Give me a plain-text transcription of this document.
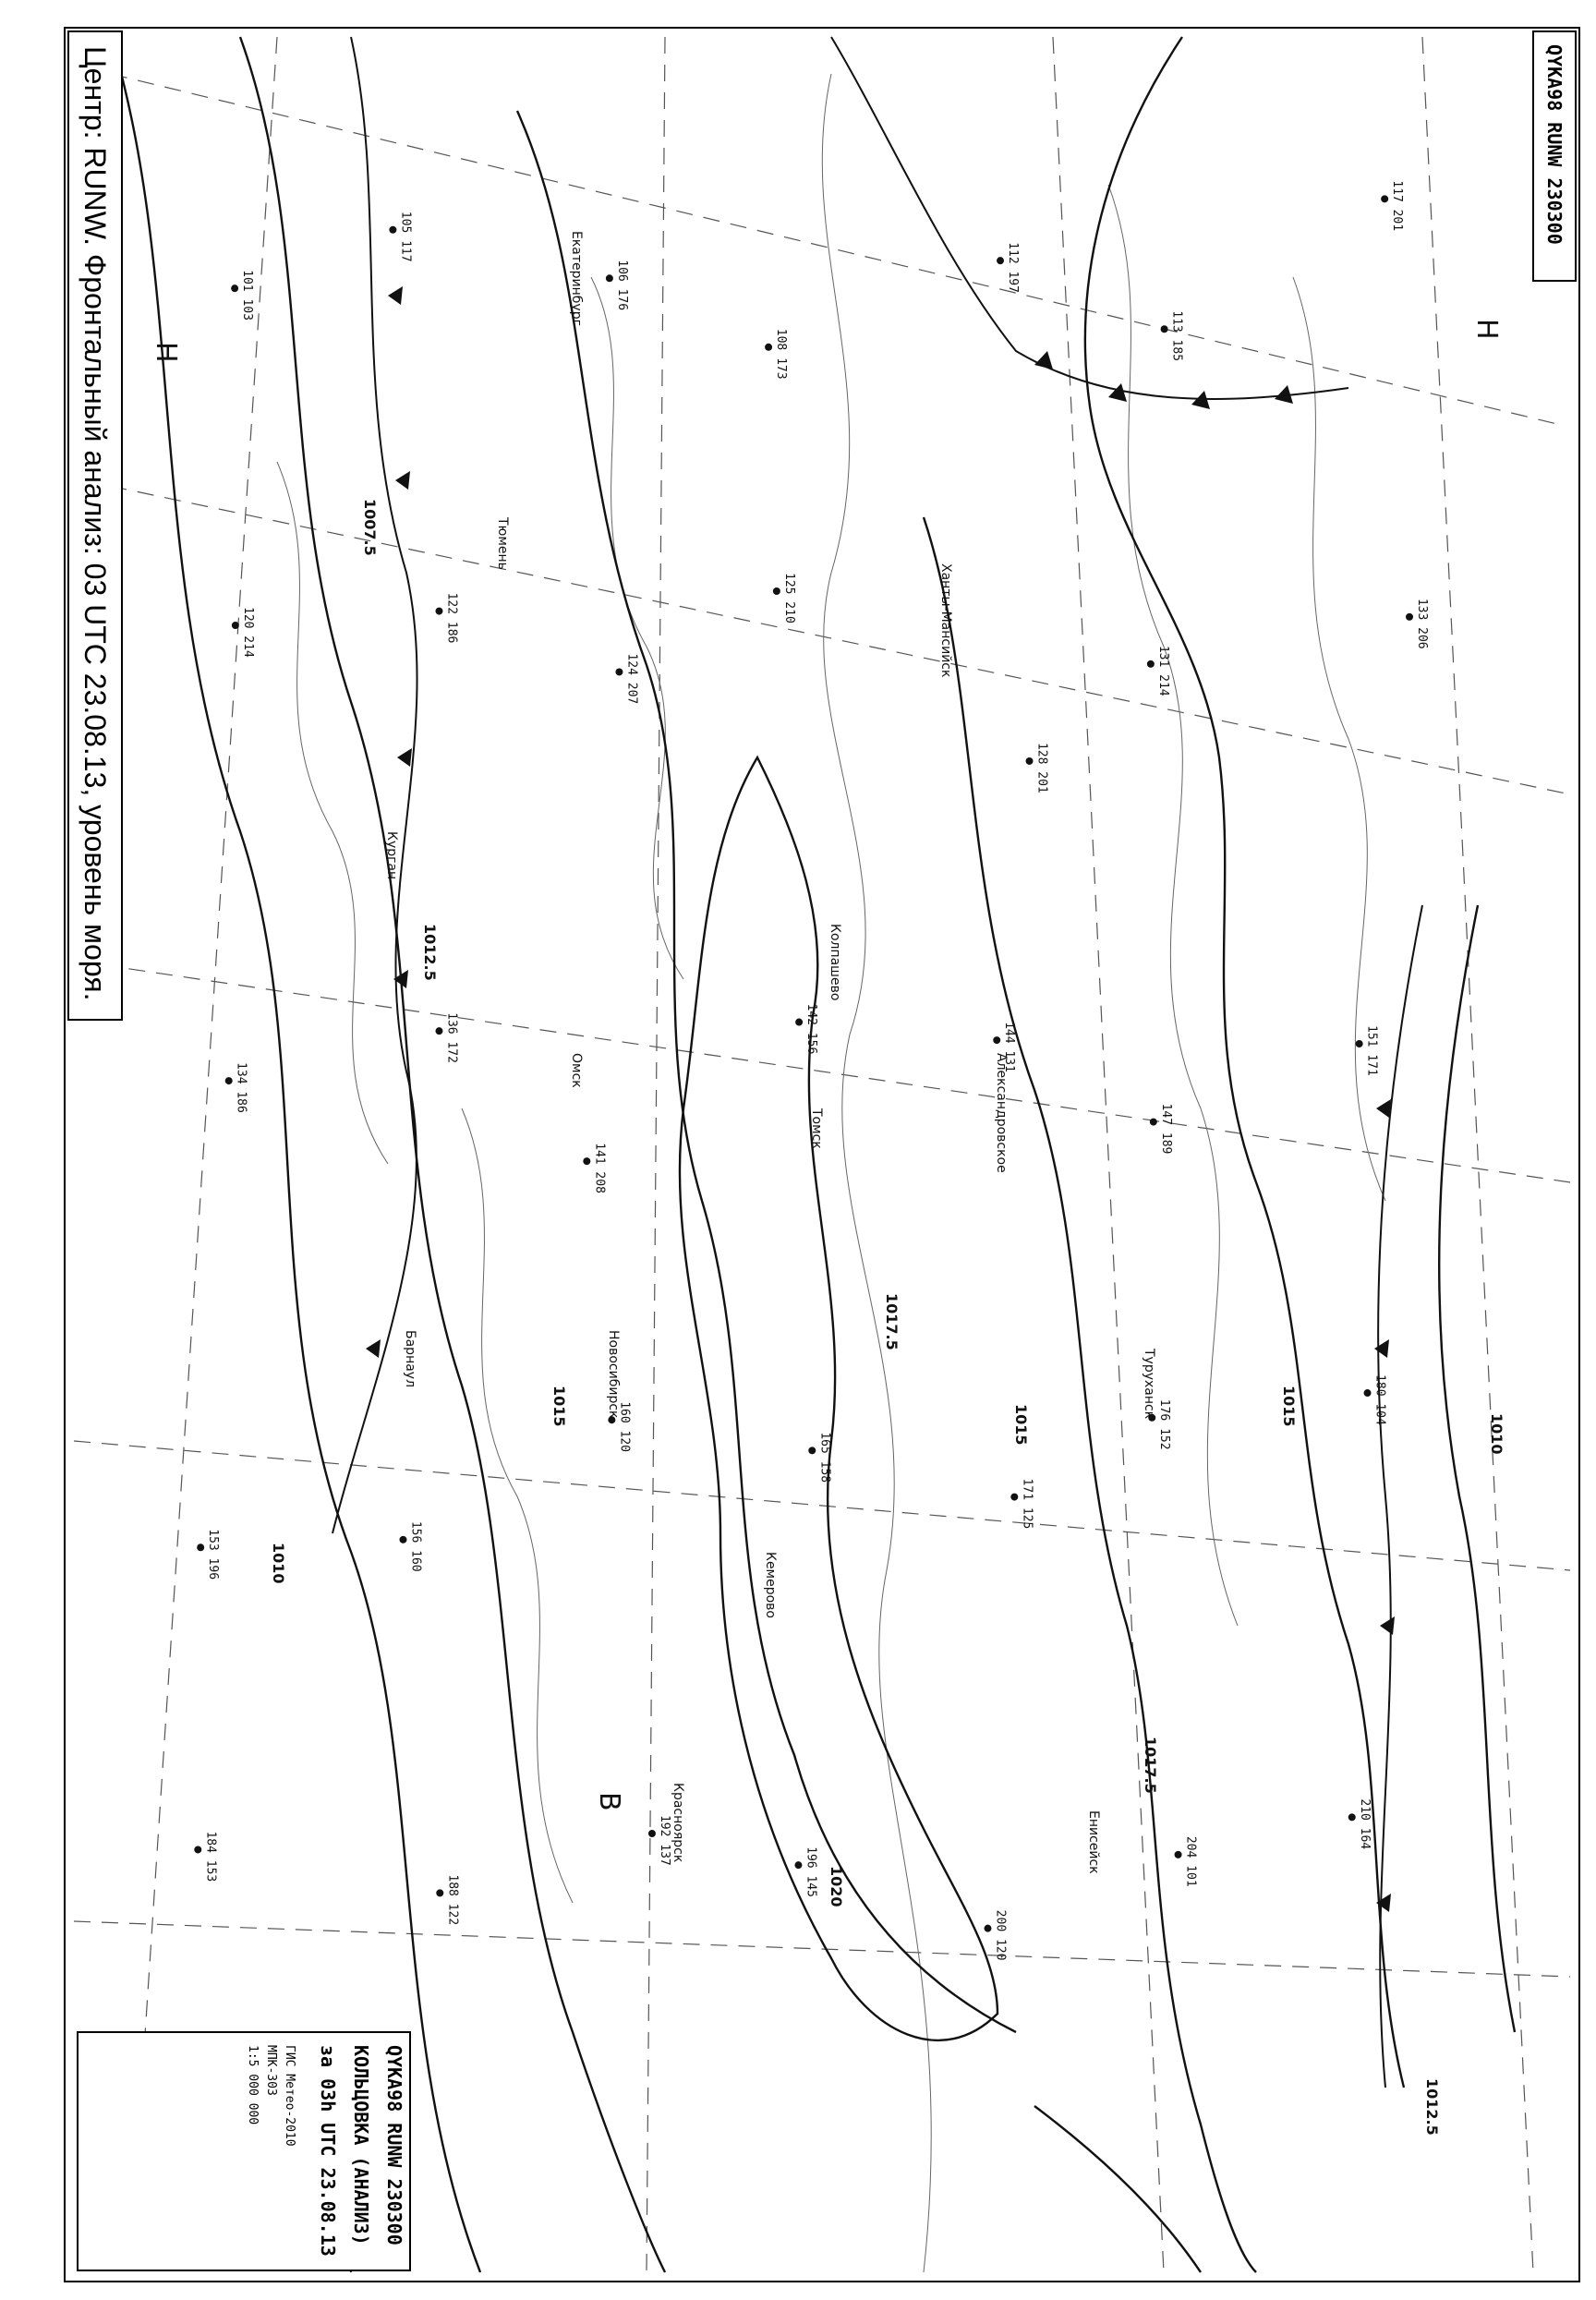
101 103
105 117
106 176
108 173
112 197
113 185
117 201
120 214	122 186
124 207
125 210
128 201
131 214
133 206
134 186
136 172
141 208
142 156	144 131
147 189
151 171
153 196	156 160
160 120
165 158
171 125
176 152	180 104
184 153
188 122
192 137
196 145
200 120
204 101
210 164
1007.5
1010
1012.5
1015
1017.5
1020
1015
1017.5
1012.5
1010
1015
Екатеринбург
Тюмень
Курган
Омск
Новосибирск
Барнаул
Томск
Кемерово
Красноярск
Ханты-Мансийск
Александровское
Туруханск
Колпашево
Енисейск
В
Н
Н
Центр: RUNW. Фронтальный анализ: 03 UTC 23.08.13, уровень моря.	QYKA98 RUNW 230300
QYKA98 RUNW 230300
КОЛЬЦОВКА (АНАЛИЗ)
за 03h UTC 23.08.13
ГИС Метео-2010
МПК-303
1:5 000 000
